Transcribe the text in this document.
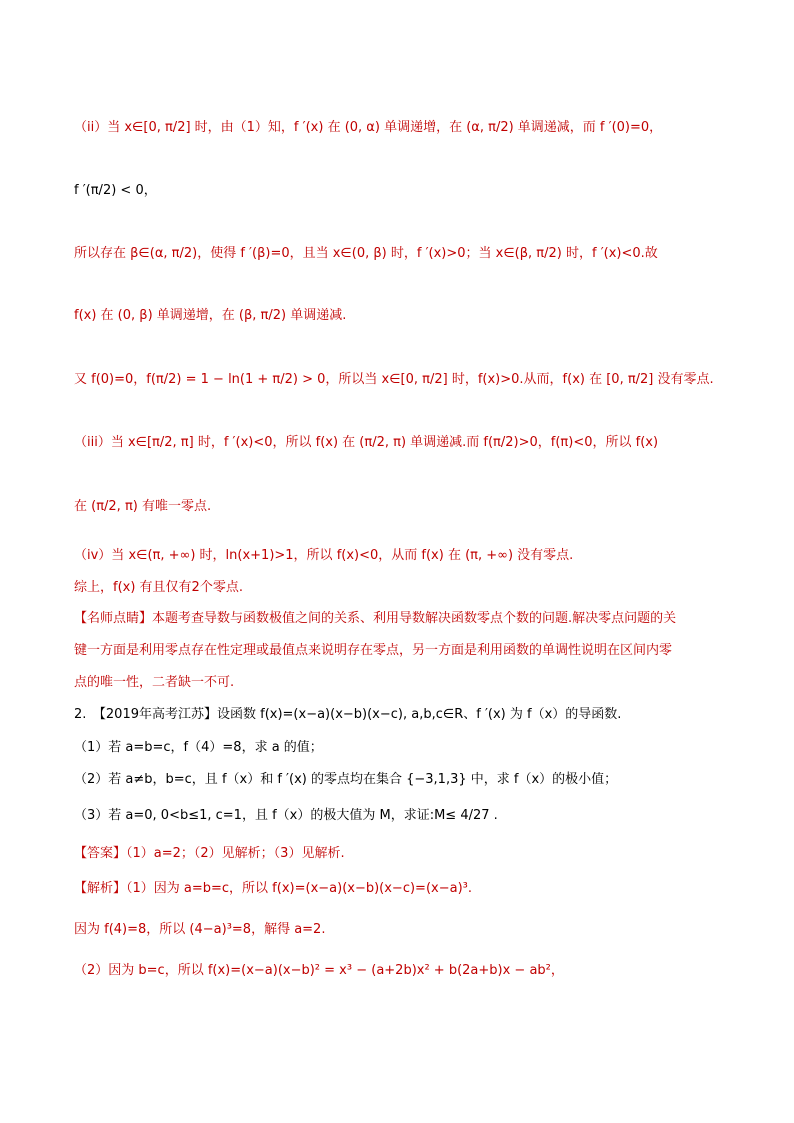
（ii）当 x∈[0, π/2] 时，由（1）知，f ′(x) 在 (0, α) 单调递增，在 (α, π/2) 单调递减，而 f ′(0)=0，
f ′(π/2) < 0，
所以存在 β∈(α, π/2)，使得 f ′(β)=0，且当 x∈(0, β) 时，f ′(x)>0；当 x∈(β, π/2) 时，f ′(x)<0.故
f(x) 在 (0, β) 单调递增，在 (β, π/2) 单调递减.
又 f(0)=0，f(π/2) = 1 − ln(1 + π/2) > 0，所以当 x∈[0, π/2] 时，f(x)>0.从而，f(x) 在 [0, π/2] 没有零点.
（iii）当 x∈[π/2, π] 时，f ′(x)<0，所以 f(x) 在 (π/2, π) 单调递减.而 f(π/2)>0，f(π)<0，所以 f(x)
在 (π/2, π) 有唯一零点.
（iv）当 x∈(π, +∞) 时，ln(x+1)>1，所以 f(x)<0，从而 f(x) 在 (π, +∞) 没有零点.
综上，f(x) 有且仅有2个零点.
【名师点睛】本题考查导数与函数极值之间的关系、利用导数解决函数零点个数的问题.解决零点问题的关
键一方面是利用零点存在性定理或最值点来说明存在零点，另一方面是利用函数的单调性说明在区间内零
点的唯一性，二者缺一不可.
2.　【2019年高考江苏】设函数 f(x)=(x−a)(x−b)(x−c), a,b,c∈R、f ′(x) 为 f（x）的导函数.
（1）若 a=b=c，f（4）=8，求 a 的值；
（2）若 a≠b，b=c，且 f（x）和 f ′(x) 的零点均在集合 {−3,1,3} 中，求 f（x）的极小值；
（3）若 a=0, 0<b≤1, c=1，且 f（x）的极大值为 M，求证:M≤ 4/27 .
【答案】（1）a=2；（2）见解析；（3）见解析.
【解析】（1）因为 a=b=c，所以 f(x)=(x−a)(x−b)(x−c)=(x−a)³.
因为 f(4)=8，所以 (4−a)³=8，解得 a=2.
（2）因为 b=c，所以 f(x)=(x−a)(x−b)² = x³ − (a+2b)x² + b(2a+b)x − ab²，
